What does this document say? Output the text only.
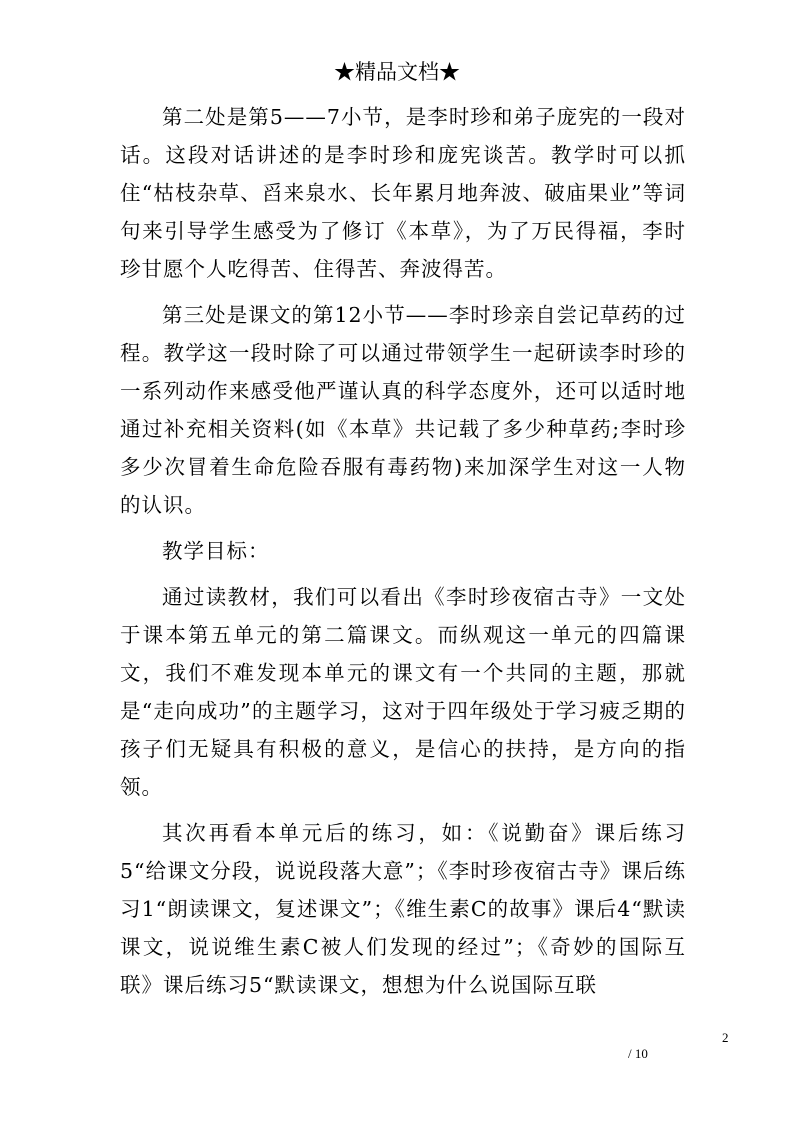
★精品文档★

第二处是第5——7小节，是李时珍和弟子庞宪的一段对话。这段对话讲述的是李时珍和庞宪谈苦。教学时可以抓住“枯枝杂草、舀来泉水、长年累月地奔波、破庙果业”等词句来引导学生感受为了修订《本草》，为了万民得福，李时珍甘愿个人吃得苦、住得苦、奔波得苦。

第三处是课文的第12小节——李时珍亲自尝记草药的过程。教学这一段时除了可以通过带领学生一起研读李时珍的一系列动作来感受他严谨认真的科学态度外，还可以适时地通过补充相关资料(如《本草》共记载了多少种草药;李时珍多少次冒着生命危险吞服有毒药物)来加深学生对这一人物的认识。

教学目标：

通过读教材，我们可以看出《李时珍夜宿古寺》一文处于课本第五单元的第二篇课文。而纵观这一单元的四篇课文，我们不难发现本单元的课文有一个共同的主题，那就是“走向成功”的主题学习，这对于四年级处于学习疲乏期的孩子们无疑具有积极的意义，是信心的扶持，是方向的指领。

其次再看本单元后的练习，如：《说勤奋》课后练习5“给课文分段，说说段落大意”；《李时珍夜宿古寺》课后练习1“朗读课文，复述课文”；《维生素C的故事》课后4“默读课文，说说维生素C被人们发现的经过”；《奇妙的国际互联》课后练习5“默读课文，想想为什么说国际互联

2
/ 10
